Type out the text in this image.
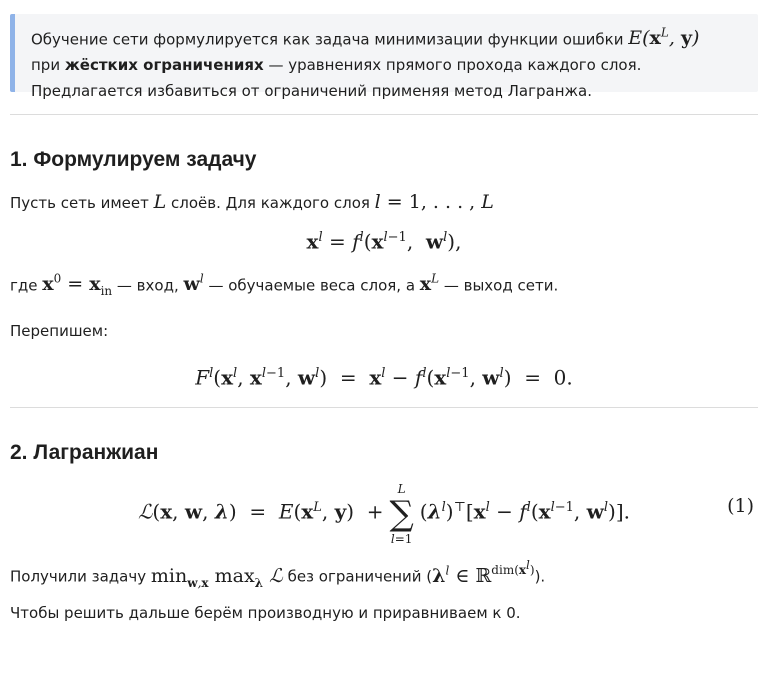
Обучение сети формулируется как задача минимизации функции ошибки $E(x^L$, y)
при жёстких ограничениях — уравнениях прямого прохода каждого слоя.
Предлагается избавиться от ограничений применяя метод Лагранжа.
1. Формулируем задачу

Пусть сеть имеет L слоёв. Для каждого слоя l = 1, . . . , L

$x^l = f^l(x^{l-1}$,  $w^l$),

где $x^0 = x_{in}$ — вход, $w^l$ — обучаемые веса слоя, а $x^L$ — выход сети.

Перепишем:

$F^l(x^l$, $x^{l-1}$, $w^l) = x^l - f^l(x^{l-1}$, $w^l) = 0$.
2. Лагранжиан
ℒ(x, w, $\lambda) = E(x^L$, y)  +
L
∑
l=1
$(\lambda^l)^⊤[x^l - f^l(x^{l-1}$, $w^l$)].	(1)

Получили задачу $\min_{w,x} \max_\lambda$ ℒ без ограничений ($\lambda^l$ ∈ ℝ$^{dim(x^l)}$).

Чтобы решить дальше берём производную и приравниваем к 0.
